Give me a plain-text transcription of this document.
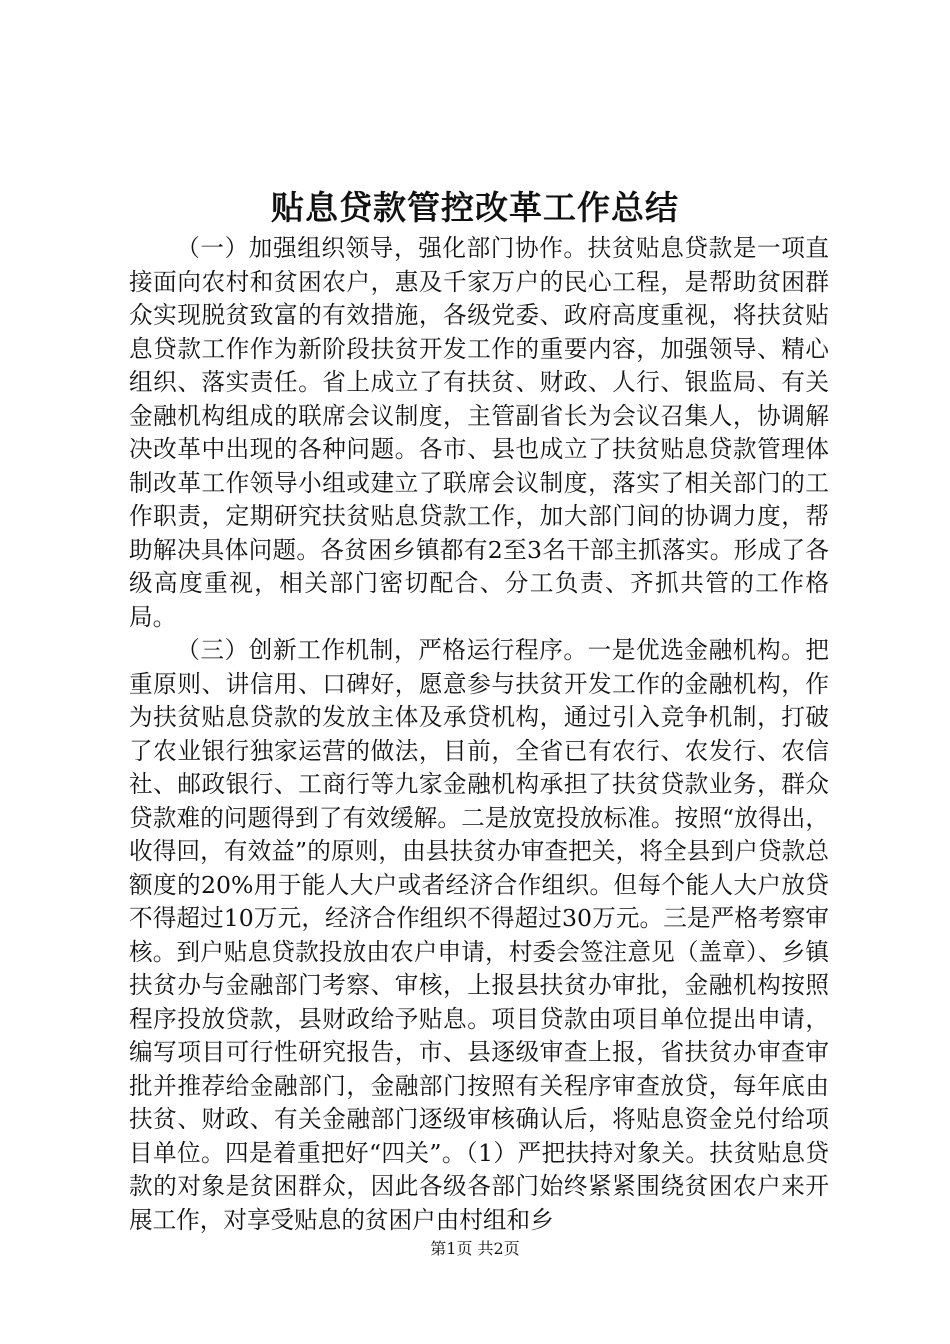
贴息贷款管控改革工作总结

（一）加强组织领导，强化部门协作。扶贫贴息贷款是一项直接面向农村和贫困农户，惠及千家万户的民心工程，是帮助贫困群众实现脱贫致富的有效措施，各级党委、政府高度重视，将扶贫贴息贷款工作作为新阶段扶贫开发工作的重要内容，加强领导、精心组织、落实责任。省上成立了有扶贫、财政、人行、银监局、有关金融机构组成的联席会议制度，主管副省长为会议召集人，协调解决改革中出现的各种问题。各市、县也成立了扶贫贴息贷款管理体制改革工作领导小组或建立了联席会议制度，落实了相关部门的工作职责，定期研究扶贫贴息贷款工作，加大部门间的协调力度，帮助解决具体问题。各贫困乡镇都有2至3名干部主抓落实。形成了各级高度重视，相关部门密切配合、分工负责、齐抓共管的工作格局。

（三）创新工作机制，严格运行程序。一是优选金融机构。把重原则、讲信用、口碑好，愿意参与扶贫开发工作的金融机构，作为扶贫贴息贷款的发放主体及承贷机构，通过引入竞争机制，打破了农业银行独家运营的做法，目前，全省已有农行、农发行、农信社、邮政银行、工商行等九家金融机构承担了扶贫贷款业务，群众贷款难的问题得到了有效缓解。二是放宽投放标准。按照“放得出，收得回，有效益”的原则，由县扶贫办审查把关，将全县到户贷款总额度的20%用于能人大户或者经济合作组织。但每个能人大户放贷不得超过10万元，经济合作组织不得超过30万元。三是严格考察审核。到户贴息贷款投放由农户申请，村委会签注意见（盖章）、乡镇扶贫办与金融部门考察、审核，上报县扶贫办审批，金融机构按照程序投放贷款，县财政给予贴息。项目贷款由项目单位提出申请，编写项目可行性研究报告，市、县逐级审查上报，省扶贫办审查审批并推荐给金融部门，金融部门按照有关程序审查放贷，每年底由扶贫、财政、有关金融部门逐级审核确认后，将贴息资金兑付给项目单位。四是着重把好“四关”。（1）严把扶持对象关。扶贫贴息贷款的对象是贫困群众，因此各级各部门始终紧紧围绕贫困农户来开展工作，对享受贴息的贫困户由村组和乡

第1页 共2页
